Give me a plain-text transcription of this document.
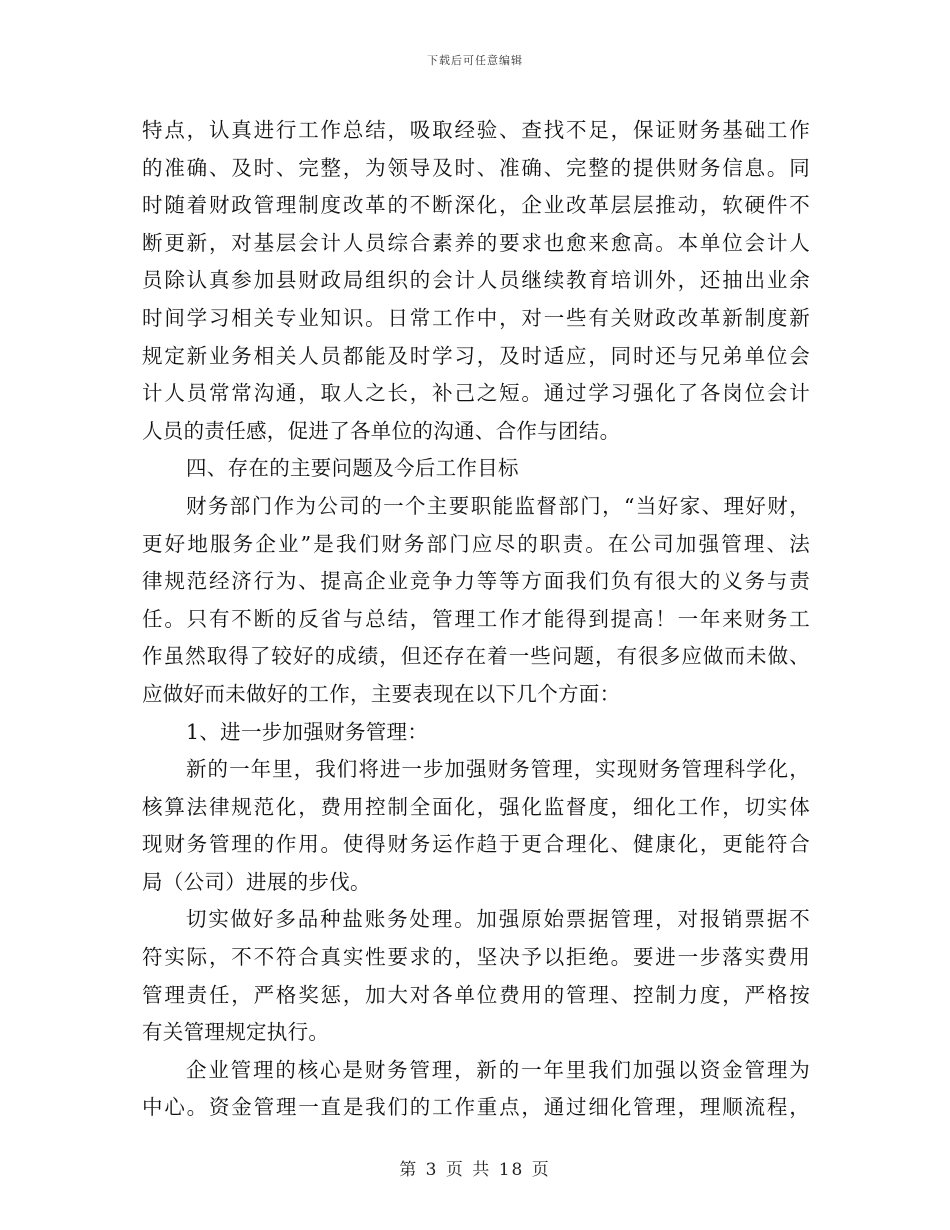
下载后可任意编辑
特点，认真进行工作总结，吸取经验、查找不足，保证财务基础工作
的准确、及时、完整，为领导及时、准确、完整的提供财务信息。同
时随着财政管理制度改革的不断深化，企业改革层层推动，软硬件不
断更新，对基层会计人员综合素养的要求也愈来愈高。本单位会计人
员除认真参加县财政局组织的会计人员继续教育培训外，还抽出业余
时间学习相关专业知识。日常工作中，对一些有关财政改革新制度新
规定新业务相关人员都能及时学习，及时适应，同时还与兄弟单位会
计人员常常沟通，取人之长，补己之短。通过学习强化了各岗位会计
人员的责任感，促进了各单位的沟通、合作与团结。
四、存在的主要问题及今后工作目标
财务部门作为公司的一个主要职能监督部门，“当好家、理好财，
更好地服务企业”是我们财务部门应尽的职责。在公司加强管理、法
律规范经济行为、提高企业竞争力等等方面我们负有很大的义务与责
任。只有不断的反省与总结，管理工作才能得到提高！一年来财务工
作虽然取得了较好的成绩，但还存在着一些问题，有很多应做而未做、
应做好而未做好的工作，主要表现在以下几个方面：
1、进一步加强财务管理：
新的一年里，我们将进一步加强财务管理，实现财务管理科学化，
核算法律规范化，费用控制全面化，强化监督度，细化工作，切实体
现财务管理的作用。使得财务运作趋于更合理化、健康化，更能符合
局（公司）进展的步伐。
切实做好多品种盐账务处理。加强原始票据管理，对报销票据不
符实际，不不符合真实性要求的，坚决予以拒绝。要进一步落实费用
管理责任，严格奖惩，加大对各单位费用的管理、控制力度，严格按
有关管理规定执行。
企业管理的核心是财务管理，新的一年里我们加强以资金管理为
中心。资金管理一直是我们的工作重点，通过细化管理，理顺流程，
第 3 页 共 18 页
